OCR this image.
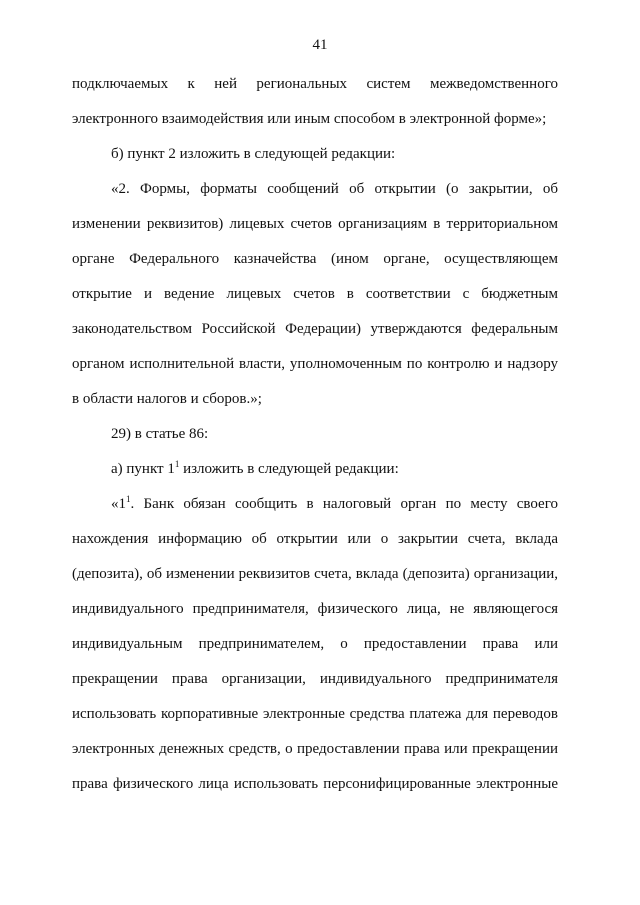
41
подключаемых к ней региональных систем межведомственного
электронного взаимодействия или иным способом в электронной форме»;
б) пункт 2 изложить в следующей редакции:
«2. Формы, форматы сообщений об открытии (о закрытии, об
изменении реквизитов) лицевых счетов организациям в территориальном
органе Федерального казначейства (ином органе, осуществляющем
открытие и ведение лицевых счетов в соответствии с бюджетным
законодательством Российской Федерации) утверждаются федеральным
органом исполнительной власти, уполномоченным по контролю и надзору
в области налогов и сборов.»;
29) в статье 86:
а) пункт $1^1$ изложить в следующей редакции:
«$1^1$. Банк обязан сообщить в налоговый орган по месту своего
нахождения информацию об открытии или о закрытии счета, вклада
(депозита), об изменении реквизитов счета, вклада (депозита) организации,
индивидуального предпринимателя, физического лица, не являющегося
индивидуальным предпринимателем, о предоставлении права или
прекращении права организации, индивидуального предпринимателя
использовать корпоративные электронные средства платежа для переводов
электронных денежных средств, о предоставлении права или прекращении
права физического лица использовать персонифицированные электронные
